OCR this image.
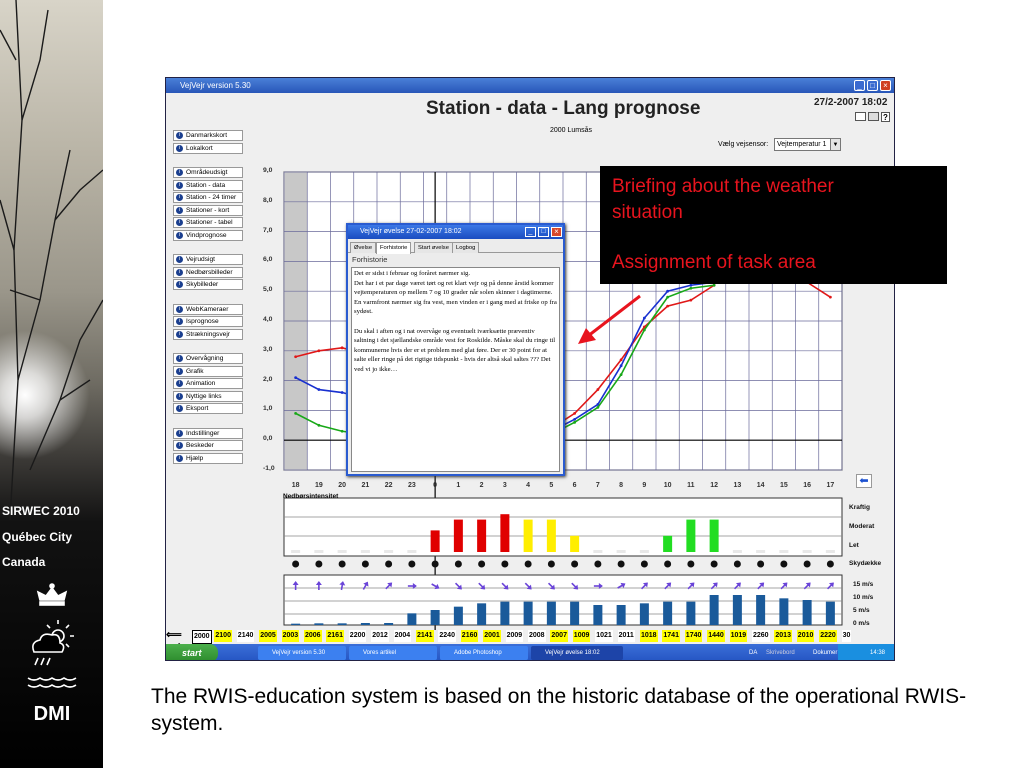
SIRWEC 2010
Québec City
Canada
DMI
VejVejr version 5.30	_	□	×
Station - data - Lang prognose	27/2-2007 18:02
?
2000 Lumsås
Vælg vejsensor:	Vejtemperatur 1	▼
i Danmarkskort
i Lokalkort
i Områdeudsigt
i Station - data
i Station - 24 timer
i Stationer - kort
i Stationer - tabel
i Vindprognose
i Vejrudsigt
i Nedbørsbilleder
i Skybilleder
i WebKameraer
i Isprognose
i Strækningsvejr
i Overvågning
i Grafik
i Animation
i Nyttige links
i Eksport
i Indstillinger
i Beskeder
i Hjælp
9,0
8,0
7,0
6,0
5,0
4,0
3,0
2,0
1,0
0,0
-1,0
18	19	20	21	22	23	0	1	2	3	4	5	6	7	8	9	10	11	12	13	14	15	16	17
Nedbørsintensitet
Kraftig
Moderat
Let
Skydække
15 m/s
10 m/s
5 m/s
0 m/s
⬅
VejVejr øvelse 27-02-2007 18:02	_	□	×
Øvelse	Forhistorie	Start øvelse	Logbog
Forhistorie

Det er sidst i februar og foråret nærmer sig.
Det har i et par dage været tørt og ret klart vejr og på denne årstid kommer vejtemperaturen op mellem 7 og 10 grader når solen skinner i dagtimerne.
En varmfront nærmer sig fra vest, men vinden er i gang med at friske op fra sydøst.

Du skal i aften og i nat overvåge og eventuelt iværksætte præventiv saltning i det sjællandske område vest for Roskilde. Måske skal du ringe til kommunerne hvis der er et problem med glat føre. Der er 30 point for at salte eller ringe på det rigtige tidspunkt - hvis der altså skal saltes ??? Det ved vi jo ikke…

⟸	2000 2100 2140 2005 2003 2006 2161 2200 2012 2004 2141 2240 2160 2001 2009 2008 2007 1009 1021 2011 1018 1741 1740 1440 1019 2260 2013 2010 2220 30
start	VejVejr version 5.30	Vores artikel	Adobe Photoshop	VejVejr øvelse 18:02	DA Skrivebord	Dokumer	14:38
Briefing about the weather situation
Assignment of task area
The RWIS-education system is based on the historic database of the operational RWIS-system.
